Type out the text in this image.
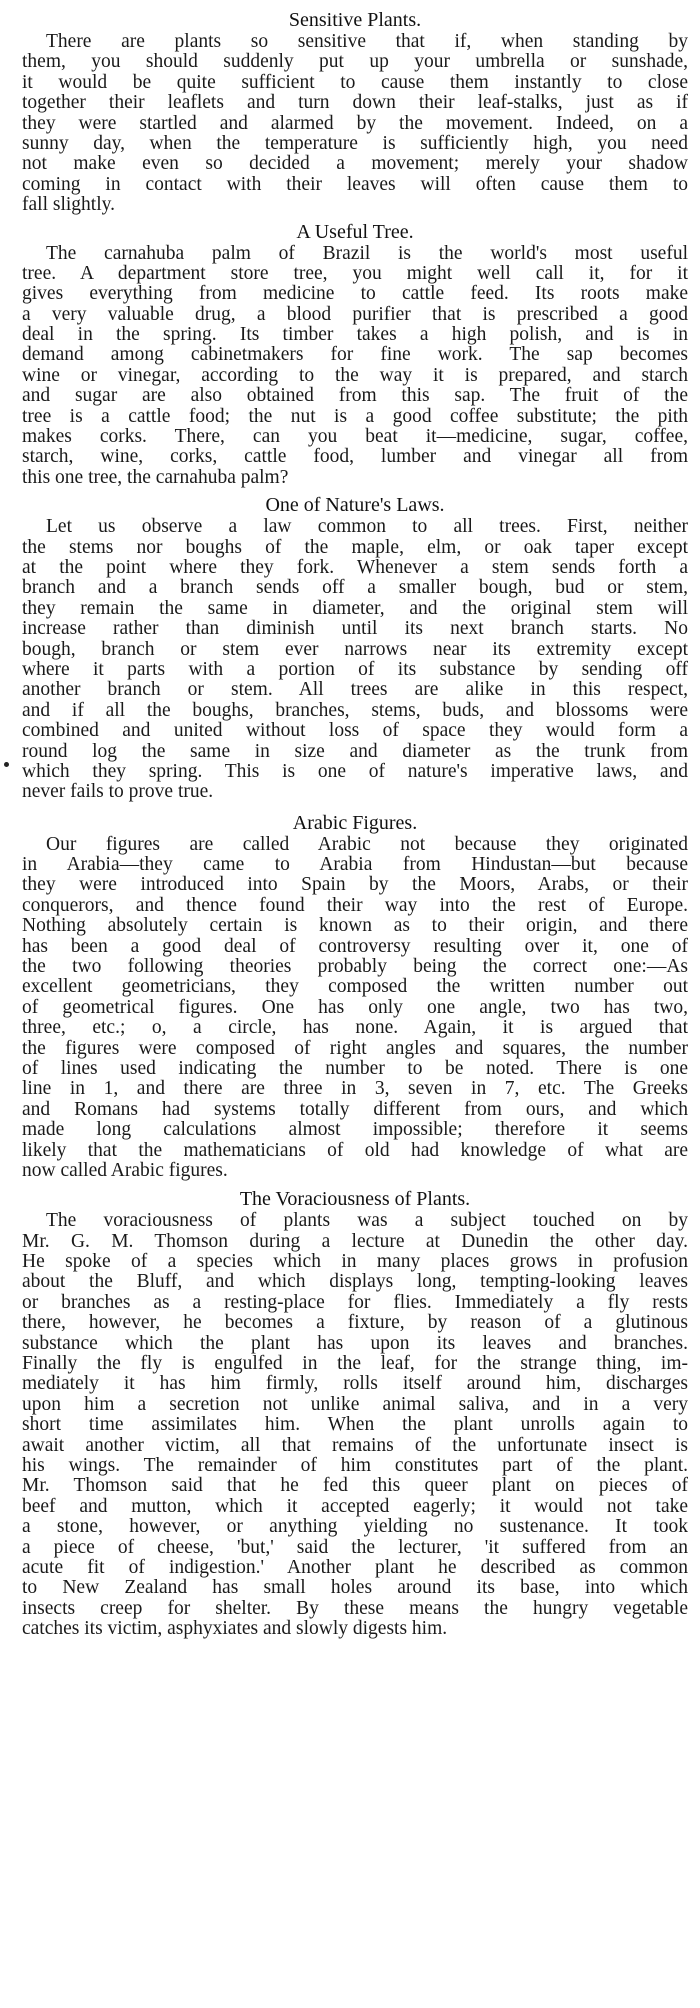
Sensitive Plants.
There are plants so sensitive that if, when standing by
them, you should suddenly put up your umbrella or sunshade,
it would be quite sufficient to cause them instantly to close
together their leaflets and turn down their leaf-stalks, just as if
they were startled and alarmed by the movement. Indeed, on a
sunny day, when the temperature is sufficiently high, you need
not make even so decided a movement; merely your shadow
coming in contact with their leaves will often cause them to
fall slightly.
A Useful Tree.
The carnahuba palm of Brazil is the world's most useful
tree. A department store tree, you might well call it, for it
gives everything from medicine to cattle feed. Its roots make
a very valuable drug, a blood purifier that is prescribed a good
deal in the spring. Its timber takes a high polish, and is in
demand among cabinetmakers for fine work. The sap becomes
wine or vinegar, according to the way it is prepared, and starch
and sugar are also obtained from this sap. The fruit of the
tree is a cattle food; the nut is a good coffee substitute; the pith
makes corks. There, can you beat it—medicine, sugar, coffee,
starch, wine, corks, cattle food, lumber and vinegar all from
this one tree, the carnahuba palm?
One of Nature's Laws.
Let us observe a law common to all trees. First, neither
the stems nor boughs of the maple, elm, or oak taper except
at the point where they fork. Whenever a stem sends forth a
branch and a branch sends off a smaller bough, bud or stem,
they remain the same in diameter, and the original stem will
increase rather than diminish until its next branch starts. No
bough, branch or stem ever narrows near its extremity except
where it parts with a portion of its substance by sending off
another branch or stem. All trees are alike in this respect,
and if all the boughs, branches, stems, buds, and blossoms were
combined and united without loss of space they would form a
round log the same in size and diameter as the trunk from
which they spring. This is one of nature's imperative laws, and
never fails to prove true.
Arabic Figures.
Our figures are called Arabic not because they originated
in Arabia—they came to Arabia from Hindustan—but because
they were introduced into Spain by the Moors, Arabs, or their
conquerors, and thence found their way into the rest of Europe.
Nothing absolutely certain is known as to their origin, and there
has been a good deal of controversy resulting over it, one of
the two following theories probably being the correct one:—As
excellent geometricians, they composed the written number out
of geometrical figures. One has only one angle, two has two,
three, etc.; o, a circle, has none. Again, it is argued that
the figures were composed of right angles and squares, the number
of lines used indicating the number to be noted. There is one
line in 1, and there are three in 3, seven in 7, etc. The Greeks
and Romans had systems totally different from ours, and which
made long calculations almost impossible; therefore it seems
likely that the mathematicians of old had knowledge of what are
now called Arabic figures.
The Voraciousness of Plants.
The voraciousness of plants was a subject touched on by
Mr. G. M. Thomson during a lecture at Dunedin the other day.
He spoke of a species which in many places grows in profusion
about the Bluff, and which displays long, tempting-looking leaves
or branches as a resting-place for flies. Immediately a fly rests
there, however, he becomes a fixture, by reason of a glutinous
substance which the plant has upon its leaves and branches.
Finally the fly is engulfed in the leaf, for the strange thing, im-
mediately it has him firmly, rolls itself around him, discharges
upon him a secretion not unlike animal saliva, and in a very
short time assimilates him. When the plant unrolls again to
await another victim, all that remains of the unfortunate insect is
his wings. The remainder of him constitutes part of the plant.
Mr. Thomson said that he fed this queer plant on pieces of
beef and mutton, which it accepted eagerly; it would not take
a stone, however, or anything yielding no sustenance. It took
a piece of cheese, 'but,' said the lecturer, 'it suffered from an
acute fit of indigestion.' Another plant he described as common
to New Zealand has small holes around its base, into which
insects creep for shelter. By these means the hungry vegetable
catches its victim, asphyxiates and slowly digests him.
